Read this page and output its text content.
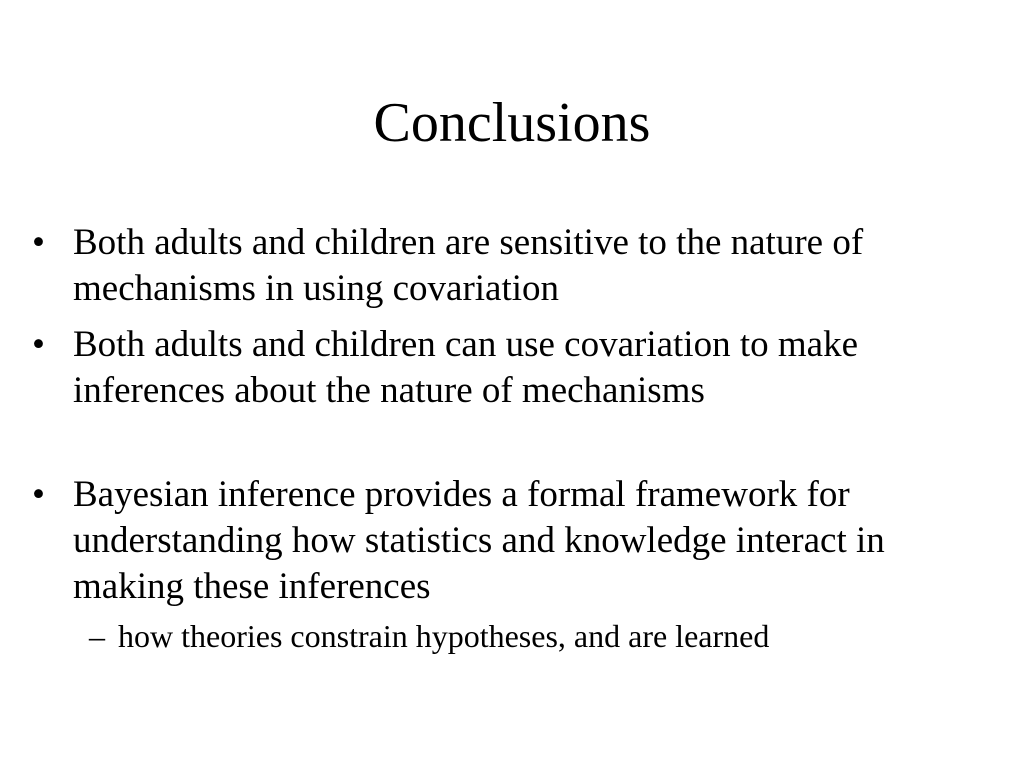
Conclusions
• Both adults and children are sensitive to the nature of mechanisms in using covariation
• Both adults and children can use covariation to make inferences about the nature of mechanisms
• Bayesian inference provides a formal framework for understanding how statistics and knowledge interact in making these inferences
– how theories constrain hypotheses, and are learned
